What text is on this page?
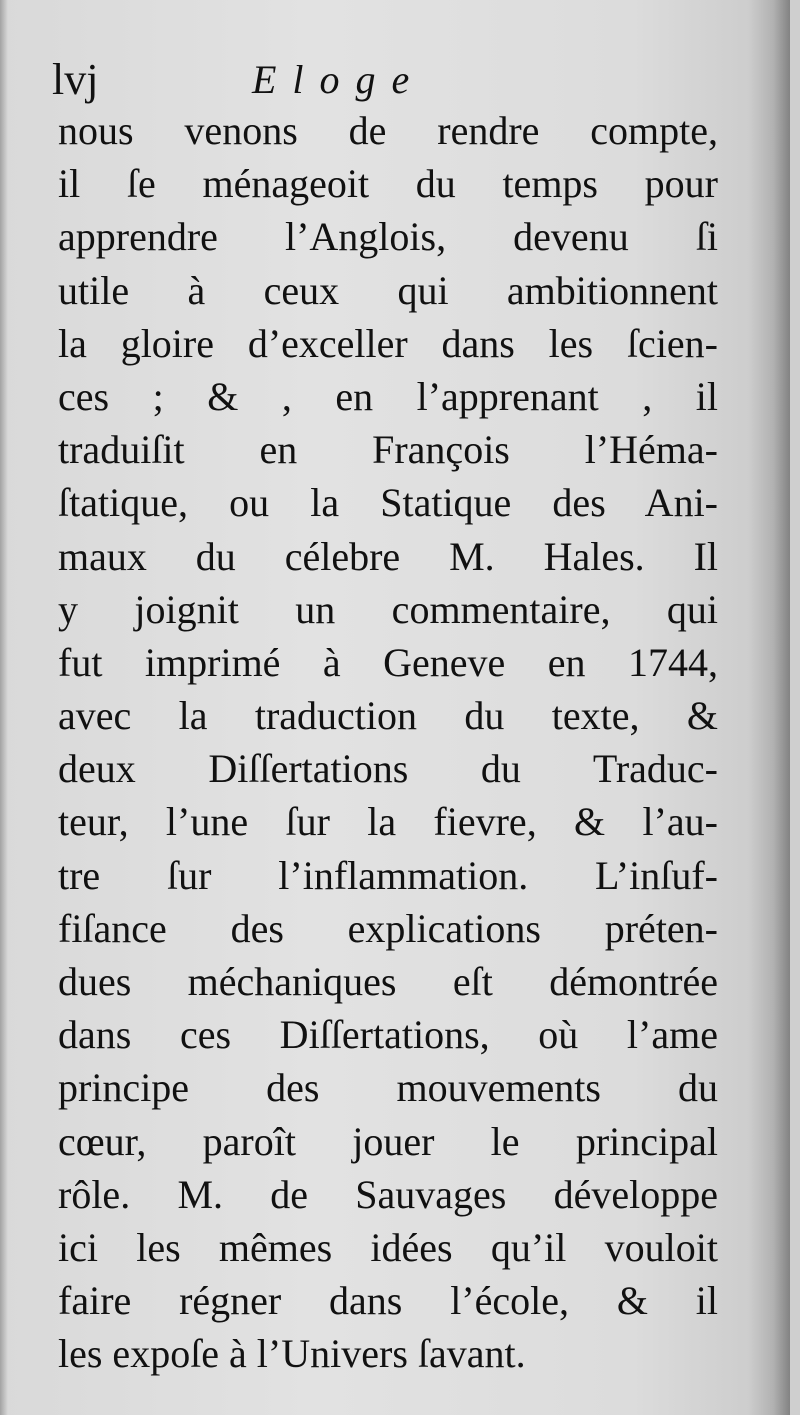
lvj	Eloge
nous venons de rendre compte,
il ſe ménageoit du temps pour
apprendre l’Anglois, devenu ſi
utile à ceux qui ambitionnent
la gloire d’exceller dans les ſcien-
ces ; & , en l’apprenant , il
traduiſit en François l’Héma-
ſtatique, ou la Statique des Ani-
maux du célebre M. Hales. Il
y joignit un commentaire, qui
fut imprimé à Geneve en 1744,
avec la traduction du texte, &
deux Diſſertations du Traduc-
teur, l’une ſur la fievre, & l’au-
tre ſur l’inflammation. L’inſuf-
fiſance des explications préten-
dues méchaniques eſt démontrée
dans ces Diſſertations, où l’ame
principe des mouvements du
cœur, paroît jouer le principal
rôle. M. de Sauvages développe
ici les mêmes idées qu’il vouloit
faire régner dans l’école, & il
les expoſe à l’Univers ſavant.
